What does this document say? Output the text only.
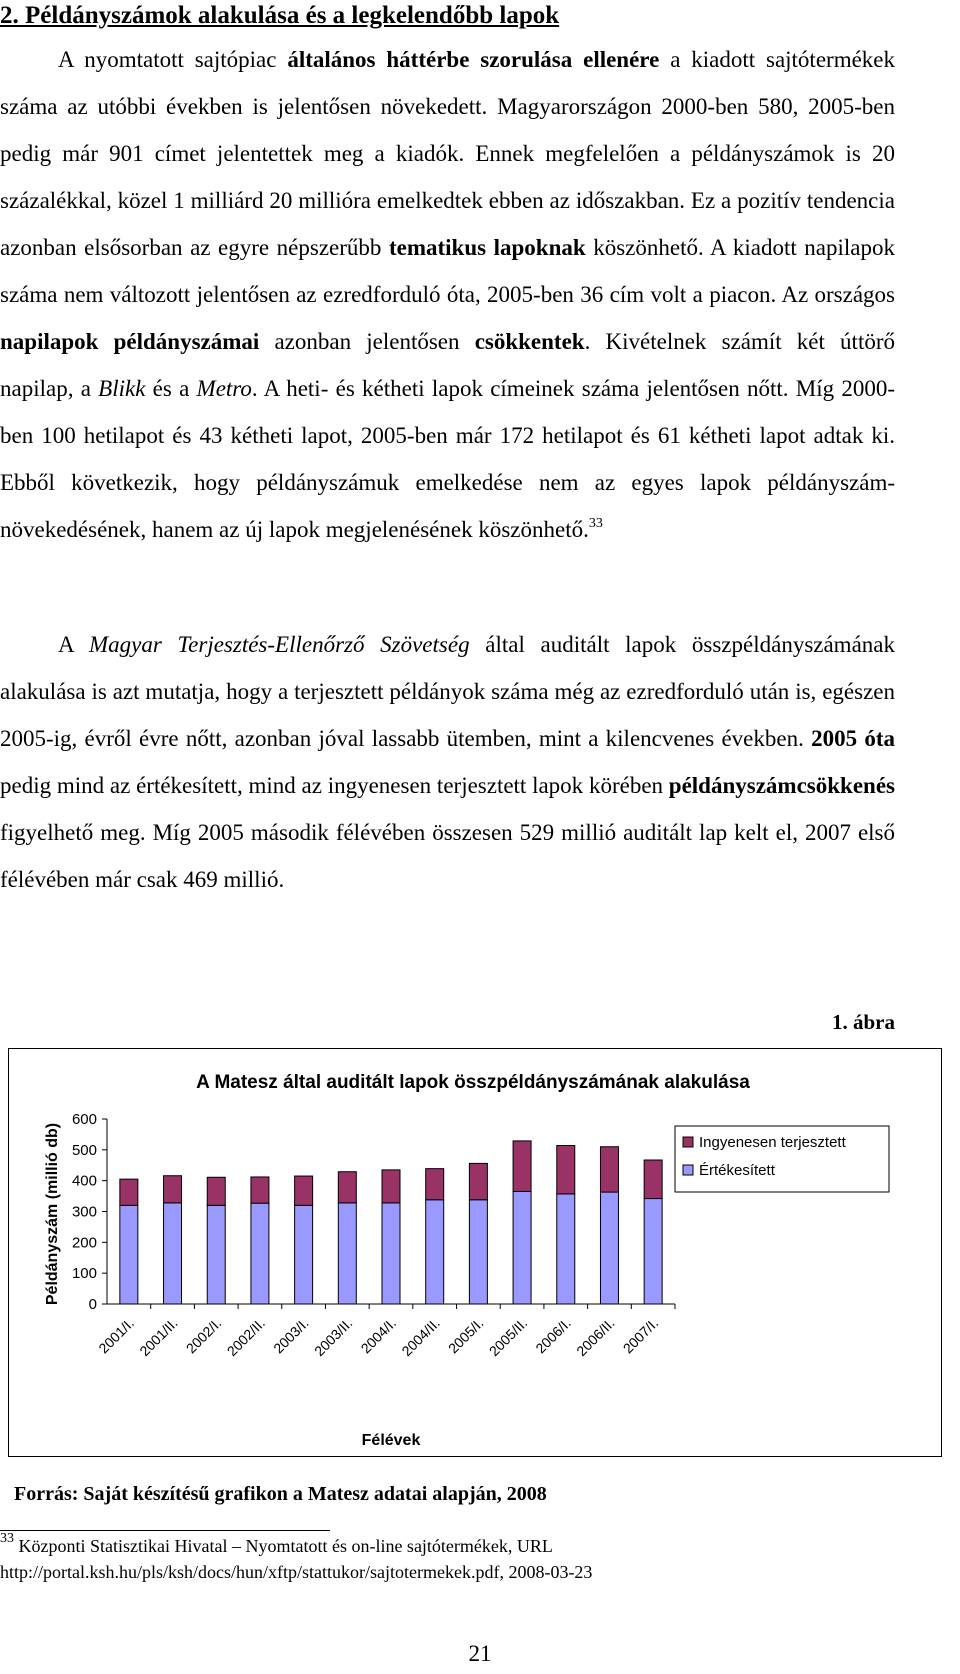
2. Példányszámok alakulása és a legkelendőbb lapok

A nyomtatott sajtópiac általános háttérbe szorulása ellenére a kiadott sajtótermékek száma az utóbbi években is jelentősen növekedett. Magyarországon 2000-ben 580, 2005-ben pedig már 901 címet jelentettek meg a kiadók. Ennek megfelelően a példányszámok is 20 százalékkal, közel 1 milliárd 20 millióra emelkedtek ebben az időszakban. Ez a pozitív tendencia azonban elsősorban az egyre népszerűbb tematikus lapoknak köszönhető. A kiadott napilapok száma nem változott jelentősen az ezredforduló óta, 2005-ben 36 cím volt a piacon. Az országos napilapok példányszámai azonban jelentősen csökkentek. Kivételnek számít két úttörő napilap, a Blikk és a Metro. A heti- és kétheti lapok címeinek száma jelentősen nőtt. Míg 2000-ben 100 hetilapot és 43 kétheti lapot, 2005-ben már 172 hetilapot és 61 kétheti lapot adtak ki. Ebből következik, hogy példányszámuk emelkedése nem az egyes lapok példányszám-növekedésének, hanem az új lapok megjelenésének köszönhető.$^{33}$

A Magyar Terjesztés-Ellenőrző Szövetség által auditált lapok összpéldányszámának alakulása is azt mutatja, hogy a terjesztett példányok száma még az ezredforduló után is, egészen 2005-ig, évről évre nőtt, azonban jóval lassabb ütemben, mint a kilencvenes években. 2005 óta pedig mind az értékesített, mind az ingyenesen terjesztett lapok körében példányszámcsökkenés figyelhető meg. Míg 2005 második félévében összesen 529 millió auditált lap kelt el, 2007 első félévében már csak 469 millió.

1. ábra
A Matesz által auditált lapok összpéldányszámának alakulása
Példányszám (millió db)
Félévek
0
100
200
300
400
500
600
2001/I. 2001/II. 2002/I. 2002/II. 2003/I. 2003/II. 2004/I. 2004/II. 2005/I. 2005/II. 2006/I. 2006/II. 2007/I.
Ingyenesen terjesztett
Értékesített
Forrás: Saját készítésű grafikon a Matesz adatai alapján, 2008
$^{33}$ Központi Statisztikai Hivatal – Nyomtatott és on-line sajtótermékek, URL
http://portal.ksh.hu/pls/ksh/docs/hun/xftp/stattukor/sajtotermekek.pdf, 2008-03-23
21
